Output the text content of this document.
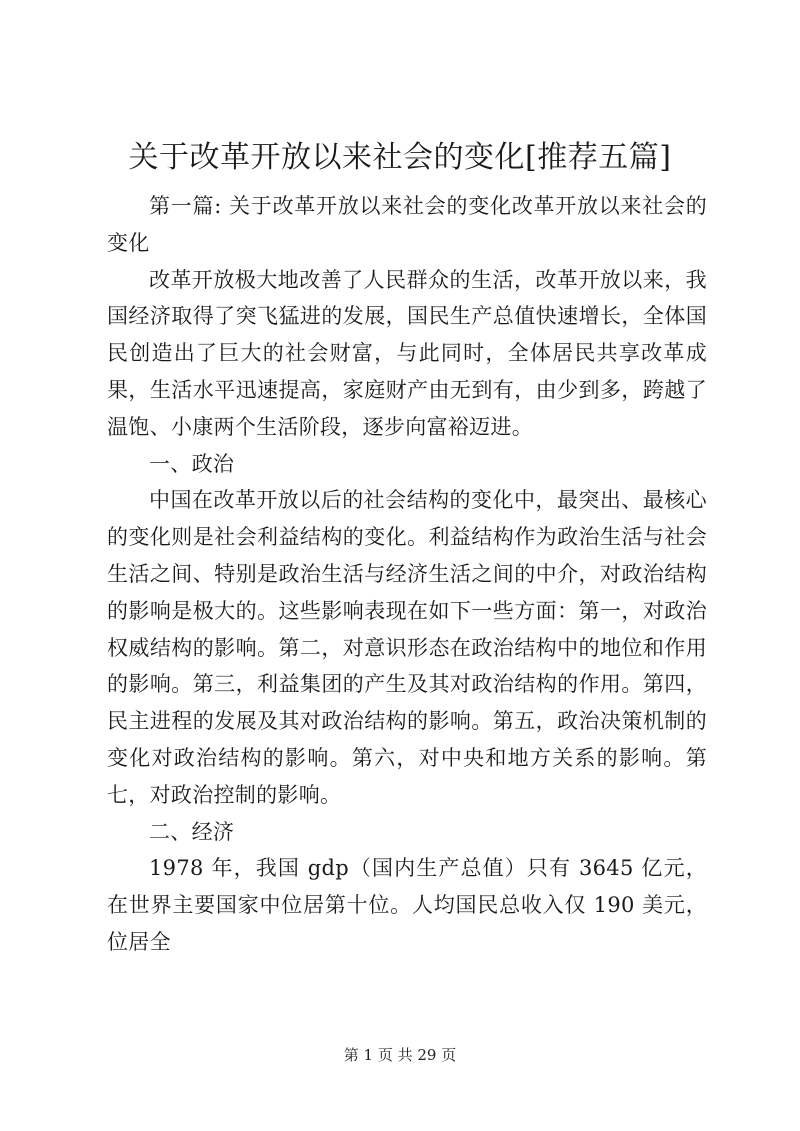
关于改革开放以来社会的变化[推荐五篇]

第一篇: 关于改革开放以来社会的变化改革开放以来社会的变化

改革开放极大地改善了人民群众的生活，改革开放以来，我国经济取得了突飞猛进的发展，国民生产总值快速增长，全体国民创造出了巨大的社会财富，与此同时，全体居民共享改革成果，生活水平迅速提高，家庭财产由无到有，由少到多，跨越了温饱、小康两个生活阶段，逐步向富裕迈进。

一、政治

中国在改革开放以后的社会结构的变化中，最突出、最核心的变化则是社会利益结构的变化。利益结构作为政治生活与社会生活之间、特别是政治生活与经济生活之间的中介，对政治结构的影响是极大的。这些影响表现在如下一些方面：第一，对政治权威结构的影响。第二，对意识形态在政治结构中的地位和作用的影响。第三，利益集团的产生及其对政治结构的作用。第四，民主进程的发展及其对政治结构的影响。第五，政治决策机制的变化对政治结构的影响。第六，对中央和地方关系的影响。第七，对政治控制的影响。

二、经济

1978 年，我国 gdp（国内生产总值）只有 3645 亿元，在世界主要国家中位居第十位。人均国民总收入仅 190 美元，位居全

第 1 页 共 29 页
